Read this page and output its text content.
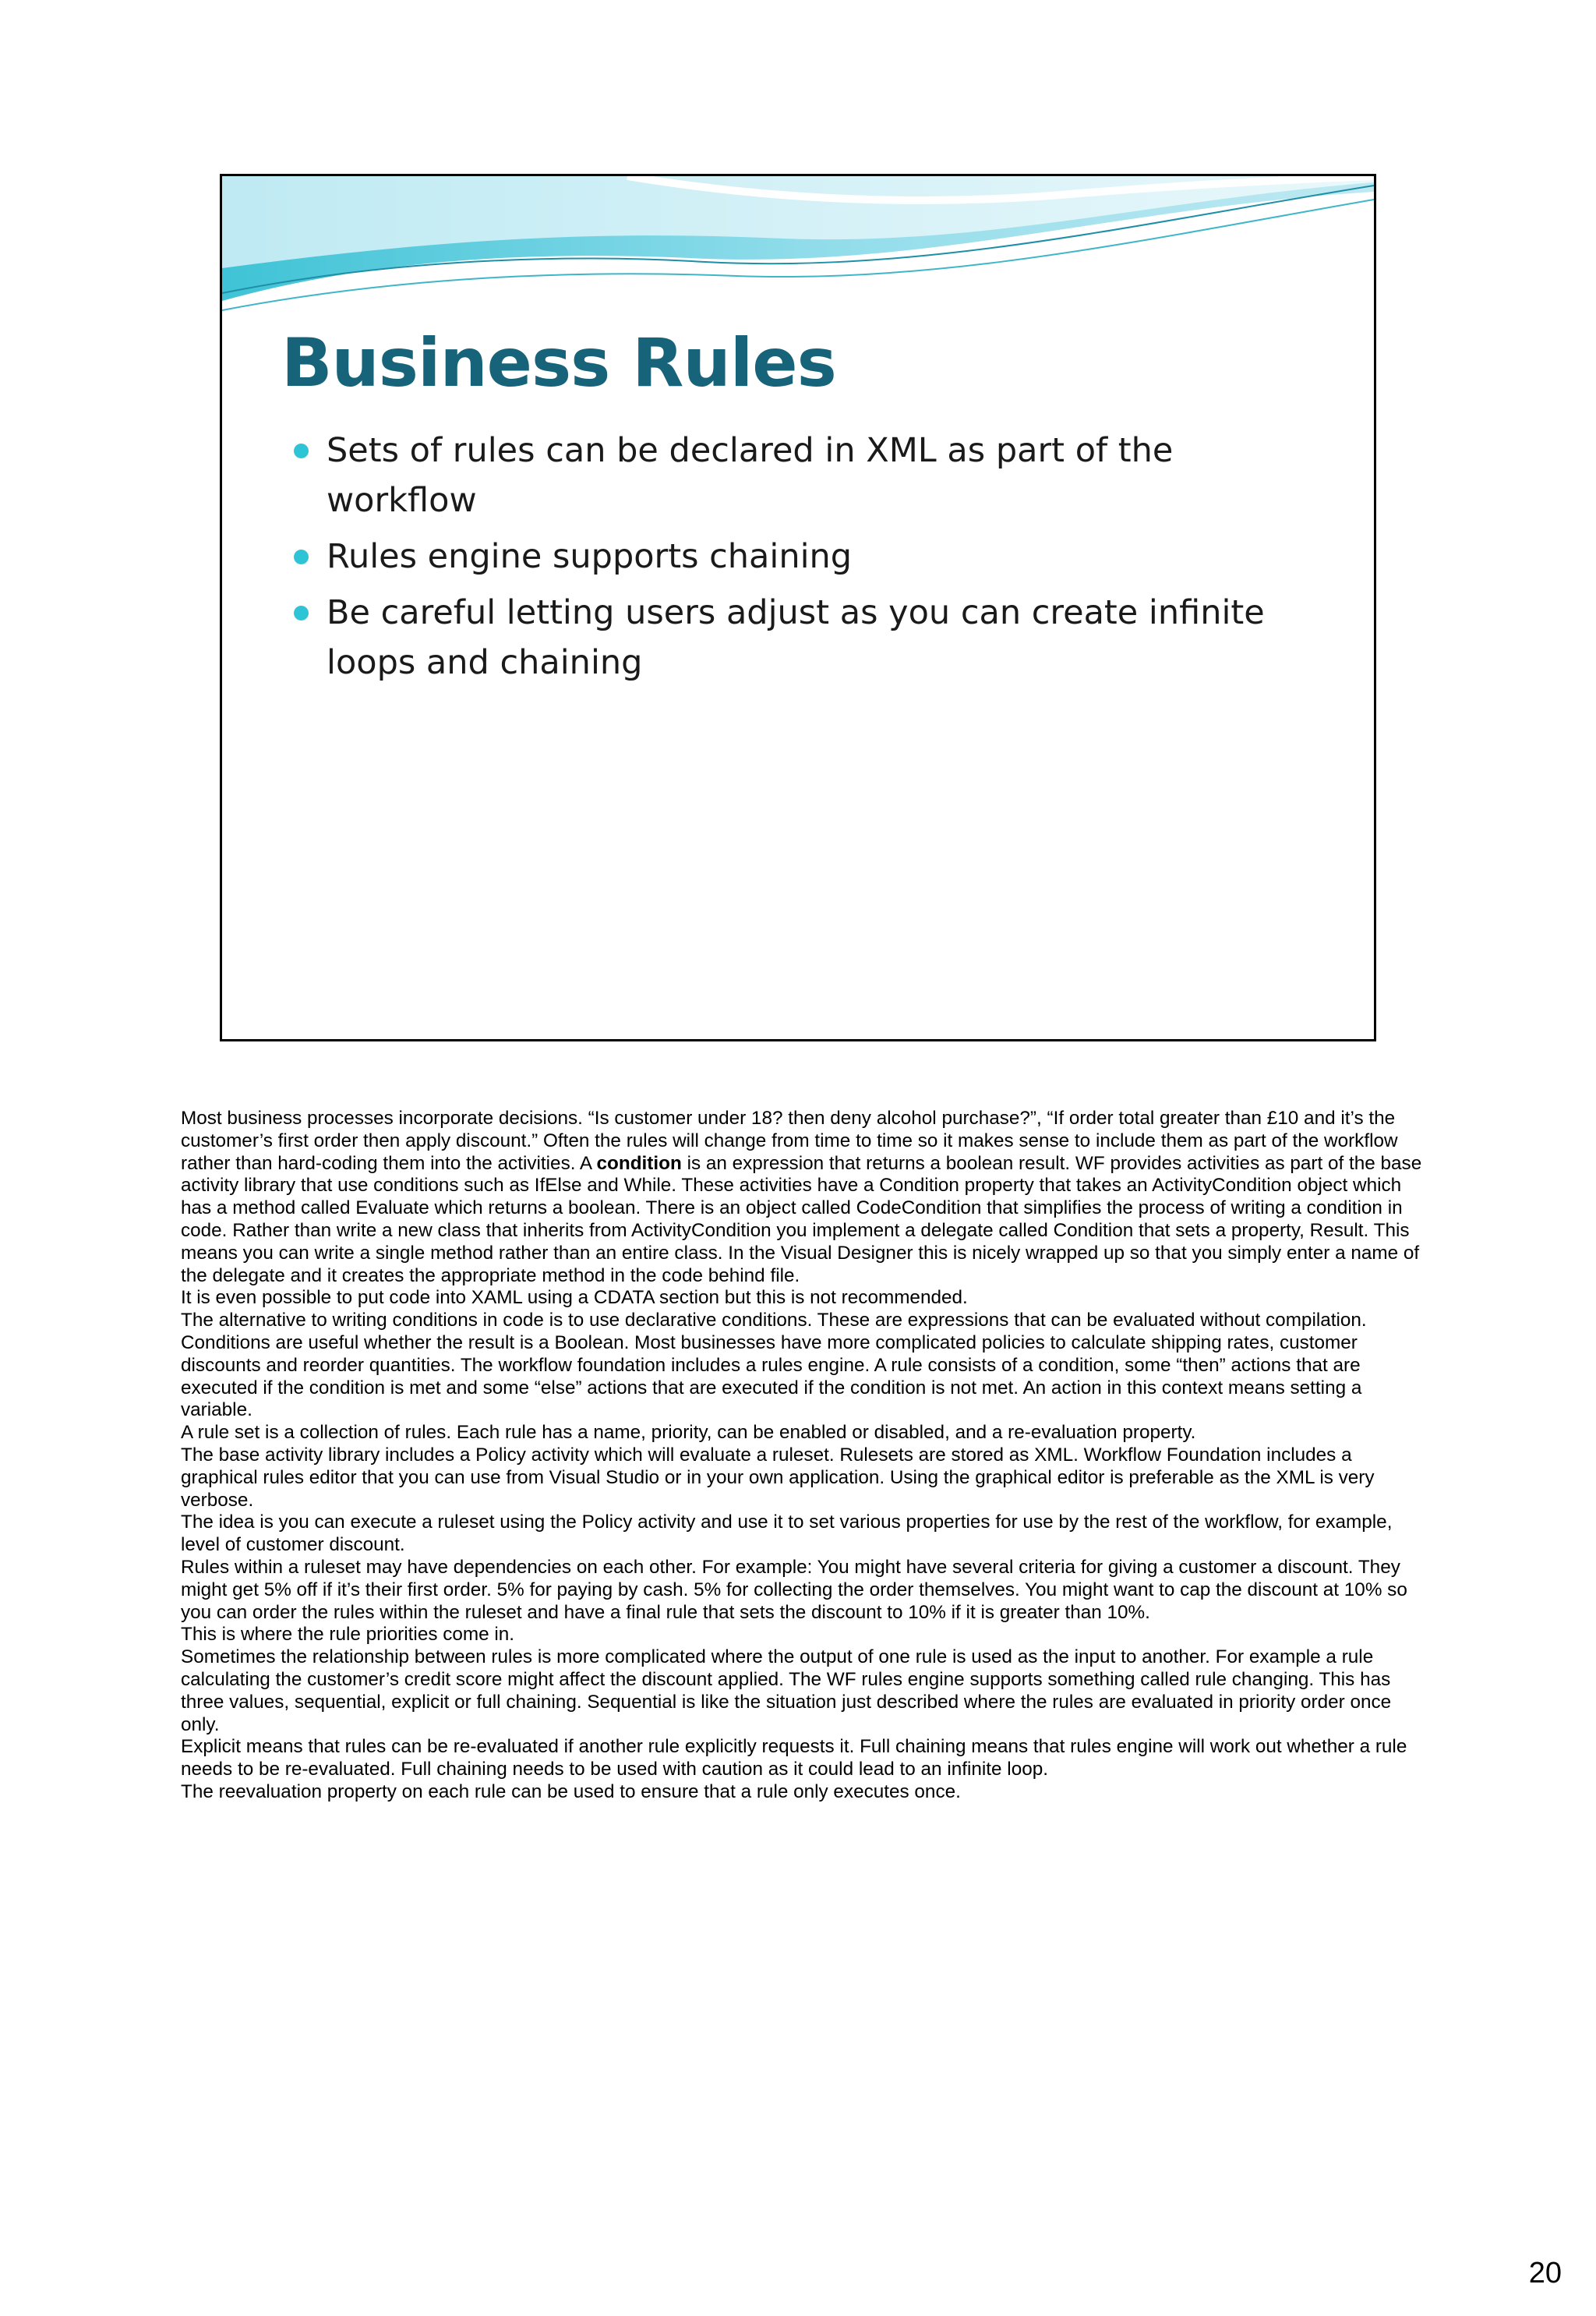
Business Rules
Sets of rules can be declared in XML as part of the workflow
Rules engine supports chaining
Be careful letting users adjust as you can create infinite loops and chaining

Most business processes incorporate decisions. “Is customer under 18? then deny alcohol purchase?”, “If order total greater than £10 and it’s the customer’s first order then apply discount.” Often the rules will change from time to time so it makes sense to include them as part of the workflow rather than hard-coding them into the activities. A condition is an expression that returns a boolean result. WF provides activities as part of the base activity library that use conditions such as IfElse and While. These activities have a Condition property that takes an ActivityCondition object which has a method called Evaluate which returns a boolean. There is an object called CodeCondition that simplifies the process of writing a condition in code. Rather than write a new class that inherits from ActivityCondition you implement a delegate called Condition that sets a property, Result. This means you can write a single method rather than an entire class. In the Visual Designer this is nicely wrapped up so that you simply enter a name of the delegate and it creates the appropriate method in the code behind file.

It is even possible to put code into XAML using a CDATA section but this is not recommended.

The alternative to writing conditions in code is to use declarative conditions. These are expressions that can be evaluated without compilation.

Conditions are useful whether the result is a Boolean. Most businesses have more complicated policies to calculate shipping rates, customer discounts and reorder quantities. The workflow foundation includes a rules engine. A rule consists of a condition, some “then” actions that are executed if the condition is met and some “else” actions that are executed if the condition is not met. An action in this context means setting a variable.

A rule set is a collection of rules. Each rule has a name, priority, can be enabled or disabled, and a re-evaluation property.

The base activity library includes a Policy activity which will evaluate a ruleset. Rulesets are stored as XML. Workflow Foundation includes a graphical rules editor that you can use from Visual Studio or in your own application. Using the graphical editor is preferable as the XML is very verbose.

The idea is you can execute a ruleset using the Policy activity and use it to set various properties for use by the rest of the workflow, for example, level of customer discount.

Rules within a ruleset may have dependencies on each other. For example: You might have several criteria for giving a customer a discount. They might get 5% off if it’s their first order. 5% for paying by cash. 5% for collecting the order themselves. You might want to cap the discount at 10% so you can order the rules within the ruleset and have a final rule that sets the discount to 10% if it is greater than 10%.

This is where the rule priorities come in.

Sometimes the relationship between rules is more complicated where the output of one rule is used as the input to another. For example a rule calculating the customer’s credit score might affect the discount applied. The WF rules engine supports something called rule changing. This has three values, sequential, explicit or full chaining. Sequential is like the situation just described where the rules are evaluated in priority order once only.

Explicit means that rules can be re-evaluated if another rule explicitly requests it. Full chaining means that rules engine will work out whether a rule needs to be re-evaluated. Full chaining needs to be used with caution as it could lead to an infinite loop.

The reevaluation property on each rule can be used to ensure that a rule only executes once.

20
